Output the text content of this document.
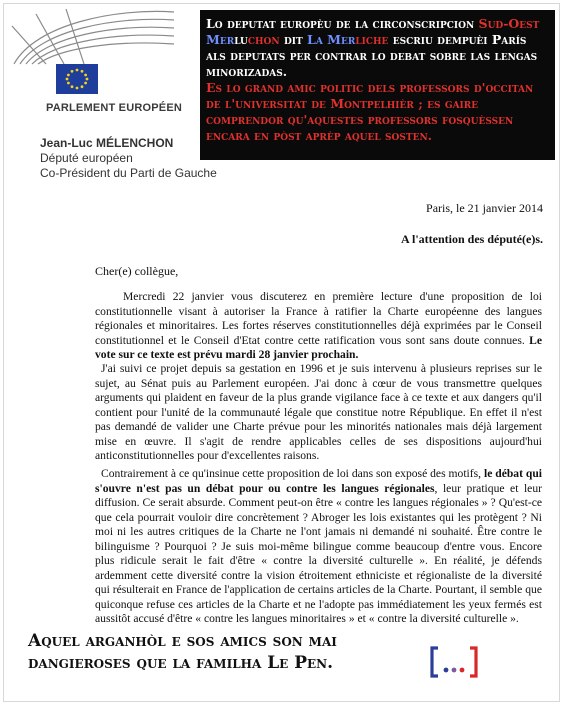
PARLEMENT EUROPÉEN
Lo deputat europèu de la circonscripcion Sud-Oest Merluchon dit La Merliche escriu dempuèi París als deputats per contrar lo debat sobre las lengas minorizadas.
Es lo grand amic politic dels professors d'occitan de l'universitat de Montpelhièr ; es gaire comprendor qu'aquestes professors fosquèssen encara en pòst aprèp aquel sosten.
Jean-Luc MÉLENCHON
Député européen
Co-Président du Parti de Gauche
Paris, le 21 janvier 2014
A l'attention des député(e)s.
Cher(e) collègue,
Mercredi 22 janvier vous discuterez en première lecture d'une proposition de loi constitutionnelle visant à autoriser la France à ratifier la Charte européenne des langues régionales et minoritaires. Les fortes réserves constitutionnelles déjà exprimées par le Conseil constitutionnel et le Conseil d'Etat contre cette ratification vous sont sans doute connues. Le vote sur ce texte est prévu mardi 28 janvier prochain.
J'ai suivi ce projet depuis sa gestation en 1996 et je suis intervenu à plusieurs reprises sur le sujet, au Sénat puis au Parlement européen. J'ai donc à cœur de vous transmettre quelques arguments qui plaident en faveur de la plus grande vigilance face à ce texte et aux dangers qu'il contient pour l'unité de la communauté légale que constitue notre République. En effet il n'est pas demandé de valider une Charte prévue pour les minorités nationales mais déjà largement mise en œuvre. Il s'agit de rendre applicables celles de ses dispositions aujourd'hui anticonstitutionnelles pour d'excellentes raisons.
Contrairement à ce qu'insinue cette proposition de loi dans son exposé des motifs, le débat qui s'ouvre n'est pas un débat pour ou contre les langues régionales, leur pratique et leur diffusion. Ce serait absurde. Comment peut-on être « contre les langues régionales » ? Qu'est-ce que cela pourrait vouloir dire concrètement ? Abroger les lois existantes qui les protègent ? Ni moi ni les autres critiques de la Charte ne l'ont jamais ni demandé ni souhaité. Être contre le bilinguisme ? Pourquoi ? Je suis moi-même bilingue comme beaucoup d'entre vous. Encore plus ridicule serait le fait d'être « contre la diversité culturelle ». En réalité, je défends ardemment cette diversité contre la vision étroitement ethniciste et régionaliste de la diversité qui résulterait en France de l'application de certains articles de la Charte. Pourtant, il semble que quiconque refuse ces articles de la Charte et ne l'adopte pas immédiatement les yeux fermés est aussitôt accusé d'être « contre les langues minoritaires » et « contre la diversité culturelle ».
Aquel arganhòl e sos amics son mai dangieroses que la familha Le Pen.
